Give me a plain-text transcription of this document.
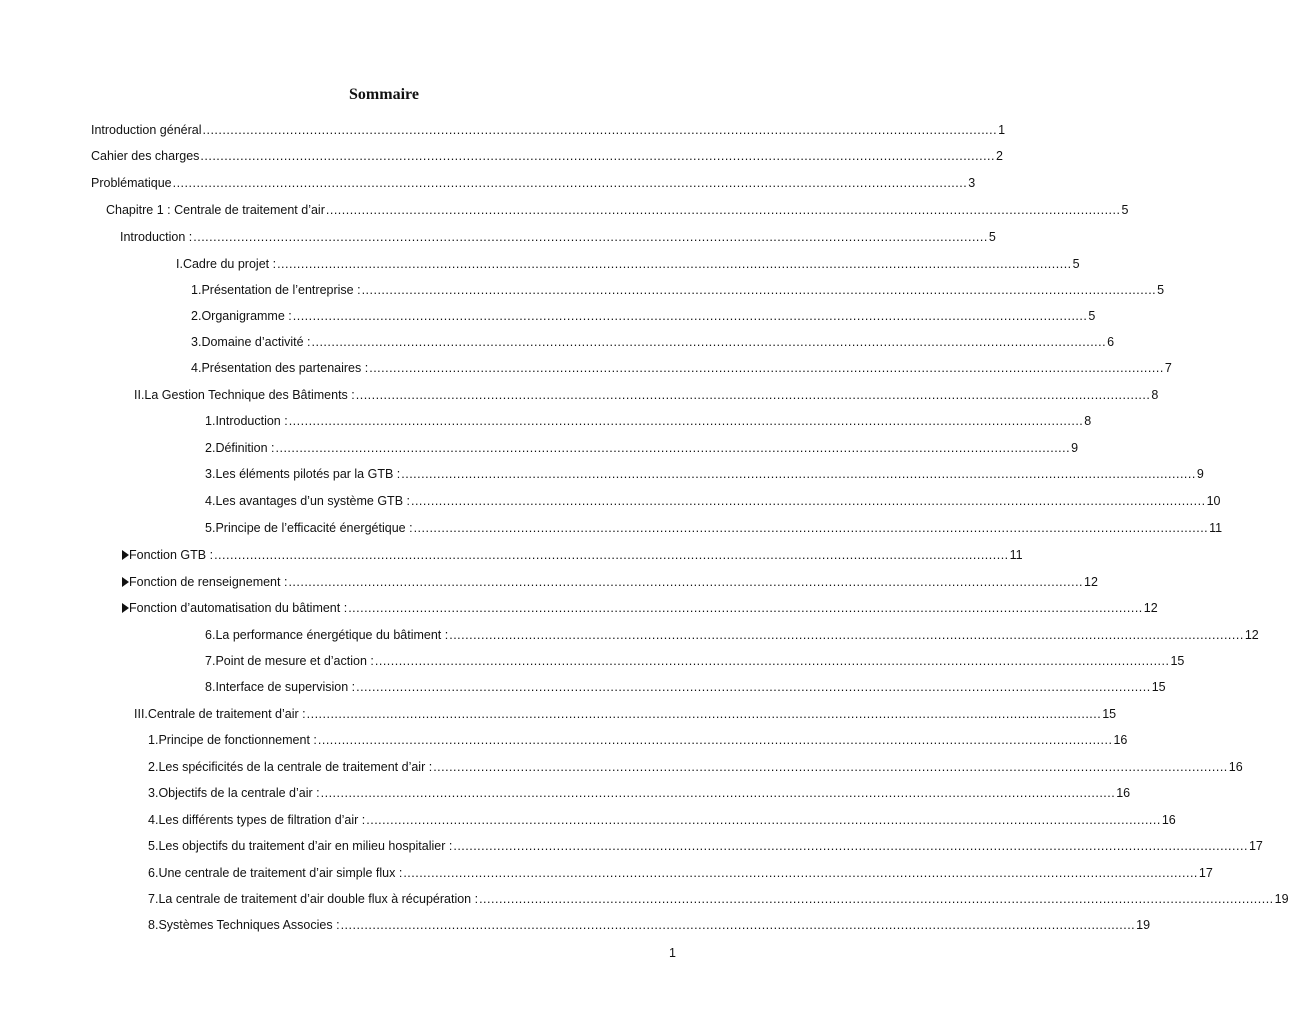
Sommaire
Introduction général ........................................................................................................................................................................................................ 1
Cahier des charges ........................................................................................................................................................................................................ 2
Problématique ........................................................................................................................................................................................................ 3
Chapitre 1 : Centrale de traitement d’air ........................................................................................................................................................................................................ 5
Introduction : ........................................................................................................................................................................................................ 5
I. Cadre du projet : ........................................................................................................................................................................................................ 5
1. Présentation de l’entreprise : ........................................................................................................................................................................................................ 5
2. Organigramme : ........................................................................................................................................................................................................ 5
3. Domaine d’activité : ........................................................................................................................................................................................................ 6
4. Présentation des partenaires : ........................................................................................................................................................................................................ 7
II. La Gestion Technique des Bâtiments : ........................................................................................................................................................................................................ 8
1. Introduction : ........................................................................................................................................................................................................ 8
2. Définition : ........................................................................................................................................................................................................ 9
3. Les éléments pilotés par la GTB : ........................................................................................................................................................................................................ 9
4. Les avantages d’un système GTB : ........................................................................................................................................................................................................ 10
5. Principe de l’efficacité énergétique : ........................................................................................................................................................................................................ 11
Fonction GTB : ........................................................................................................................................................................................................ 11
Fonction de renseignement : ........................................................................................................................................................................................................ 12
Fonction d’automatisation du bâtiment : ........................................................................................................................................................................................................ 12
6. La performance énergétique du bâtiment : ........................................................................................................................................................................................................ 12
7. Point de mesure et d’action : ........................................................................................................................................................................................................ 15
8. Interface de supervision : ........................................................................................................................................................................................................ 15
III. Centrale de traitement d’air : ........................................................................................................................................................................................................ 15
1. Principe de fonctionnement : ........................................................................................................................................................................................................ 16
2. Les spécificités de la centrale de traitement d’air : ........................................................................................................................................................................................................ 16
3. Objectifs de la centrale d’air : ........................................................................................................................................................................................................ 16
4. Les différents types de filtration d’air : ........................................................................................................................................................................................................ 16
5. Les objectifs du traitement d’air en milieu hospitalier : ........................................................................................................................................................................................................ 17
6. Une centrale de traitement d’air simple flux : ........................................................................................................................................................................................................ 17
7. La centrale de traitement d’air double flux à récupération : ........................................................................................................................................................................................................ 19
8. Systèmes Techniques Associes : ........................................................................................................................................................................................................ 19
1
